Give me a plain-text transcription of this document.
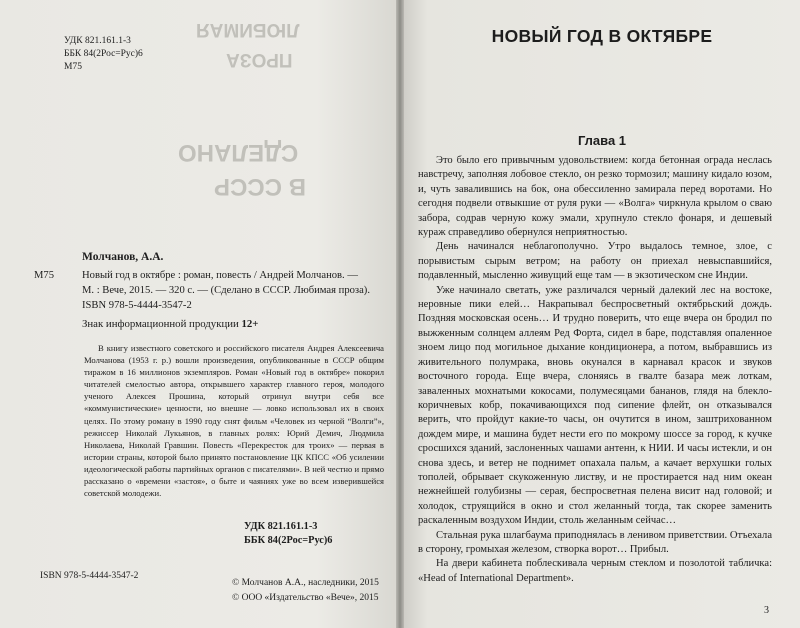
УДК 821.161.1-3
ББК 84(2Рос=Рус)6
М75
ЛЮБИМАЯ
ПРОЗА
СДЕЛАНО
В СССР
Молчанов, А.А.
М75	Новый год в октябре : роман, повесть / Андрей Молчанов. —
М. : Вече, 2015. — 320 с. — (Сделано в СССР. Любимая проза).
ISBN 978-5-4444-3547-2
Знак информационной продукции 12+

В книгу известного советского и российского писателя Андрея Алексеевича Молчанова (1953 г. р.) вошли произведения, опубликованные в СССР общим тиражом в 16 миллионов экземпляров. Роман «Новый год в октябре» покорил читателей смелостью автора, открывшего характер главного героя, молодого ученого Алексея Прошина, который отринул внутри себя все «коммунистические» ценности, но внешне — ловко использовал их в своих целях. По этому роману в 1990 году снят фильм «Человек из черной “Волги”», режиссер Николай Лукьянов, в главных ролях: Юрий Демич, Людмила Николаева, Николай Гравшин. Повесть «Перекресток для троих» — первая в истории страны, которой было принято постановление ЦК КПСС «Об усилении идеологической работы партийных органов с писателями». В ней честно и прямо рассказано о «времени «застоя», о быте и чаяниях уже во всем изверившейся советской молодежи.

УДК 821.161.1-3
ББК 84(2Рос=Рус)6
ISBN 978-5-4444-3547-2
© Молчанов А.А., наследники, 2015
© ООО «Издательство «Вече», 2015
НОВЫЙ ГОД В ОКТЯБРЕ
Глава 1

Это было его привычным удовольствием: когда бетонная ограда неслась навстречу, заполняя лобовое стекло, он резко тормозил; машину кидало юзом, и, чуть завалившись на бок, она обессиленно замирала перед воротами. Но сегодня подвели отвыкшие от руля руки — «Волга» чиркнула крылом о сваю забора, содрав черную кожу эмали, хрупнуло стекло фонаря, и дешевый кураж справедливо обернулся неприятностью.

День начинался неблагополучно. Утро выдалось темное, злое, с порывистым сырым ветром; на работу он приехал невыспавшийся, подавленный, мысленно живущий еще там — в экзотическом сне Индии.

Уже начинало светать, уже различался черный далекий лес на востоке, неровные пики елей… Накрапывал беспросветный октябрьский дождь. Поздняя московская осень… И трудно поверить, что еще вчера он бродил по выжженным солнцем аллеям Ред Форта, сидел в баре, подставляя опаленное зноем лицо под могильное дыхание кондиционера, а потом, выбравшись из живительного полумрака, вновь окунался в карнавал красок и звуков восточного города. Еще вчера, слоняясь в гвалте базара меж лоткам, заваленных мохнатыми кокосами, полумесяцами бананов, глядя на блекло-коричневых кобр, покачивающихся под сипение флейт, он отказывался верить, что пройдут какие-то часы, он очутится в ином, заштрихованном дождем мире, и машина будет нести его по мокрому шоссе за город, к кучке сросшихся зданий, заслоненных чашами антенн, к НИИ. И часы истекли, и он снова здесь, и ветер не поднимет опахала пальм, а качает верхушки голых тополей, обрывает скукоженную листву, и не простирается над ним океан нежнейшей голубизны — серая, беспросветная пелена висит над головой; и холодок, струящийся в окно и стол желанный тогда, так скорее заменить раскаленным воздухом Индии, столь желанным сейчас…

Стальная рука шлагбаума приподнялась в ленивом приветствии. Отъехала в сторону, громыхая железом, створка ворот… Прибыл.

На двери кабинета поблескивала черным стеклом и позолотой табличка: «Head of International Department».

3
